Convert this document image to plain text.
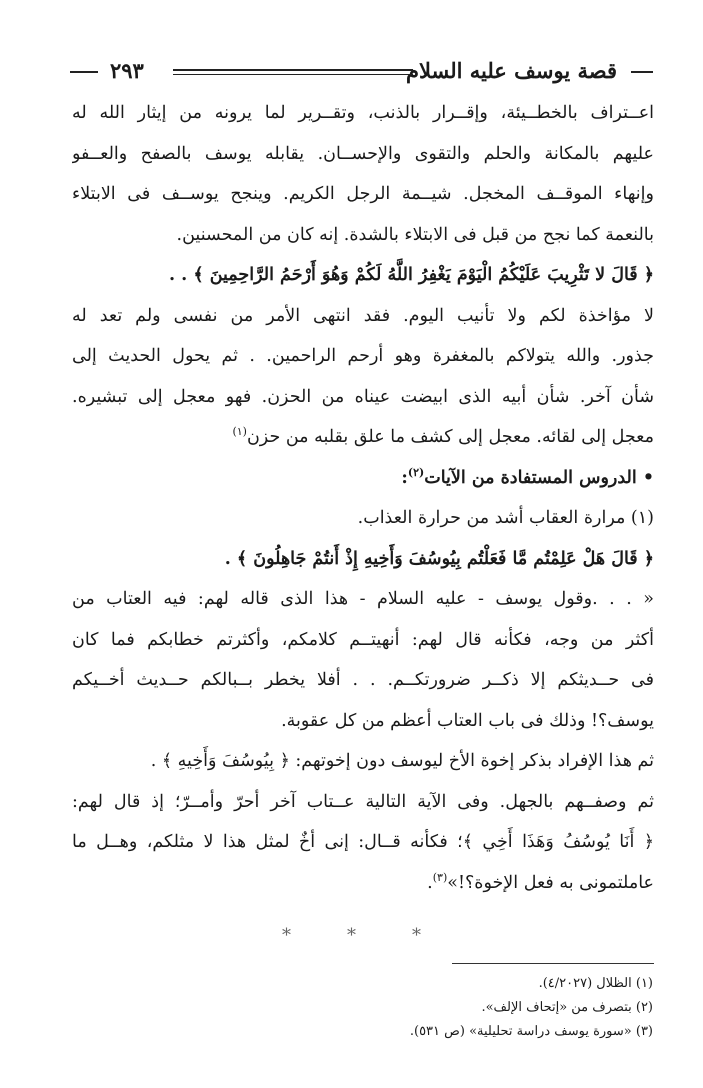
قصة يوسف عليه السلام
٢٩٣
اعــتراف بالخطــيئة، وإقــرار بالذنب، وتقــرير لما يرونه من إيثار الله له
عليهم بالمكانة والحلم والتقوى والإحســان. يقابله يوسف بالصفح والعــفو
وإنهاء الموقــف المخجل. شيــمة الرجل الكريم. وينجح يوســف فى الابتلاء
بالنعمة كما نجح من قبل فى الابتلاء بالشدة. إنه كان من المحسنين.
﴿ قَالَ لا تَثْرِيبَ عَلَيْكُمُ الْيَوْمَ يَغْفِرُ اللَّهُ لَكُمْ وَهُوَ أَرْحَمُ الرَّاحِمِينَ ﴾ . .
لا مؤاخذة لكم ولا تأنيب اليوم. فقد انتهى الأمر من نفسى ولم تعد له
جذور. والله يتولاكم بالمغفرة وهو أرحم الراحمين. . ثم يحول الحديث إلى
شأن آخر. شأن أبيه الذى ابيضت عيناه من الحزن. فهو معجل إلى تبشيره.
معجل إلى لقائه. معجل إلى كشف ما علق بقلبه من حزن$^{(١)}$
• الدروس المستفادة من الآيات$^{(٢)}$:
(١) مرارة العقاب أشد من حرارة العذاب.
﴿ قَالَ هَلْ عَلِمْتُم مَّا فَعَلْتُم بِيُوسُفَ وَأَخِيهِ إِذْ أَنتُمْ جَاهِلُونَ ﴾ .
« . . .وقول يوسف - عليه السلام - هذا الذى قاله لهم: فيه العتاب من
أكثر من وجه، فكأنه قال لهم: أنهيتــم كلامكم، وأكثرتم خطابكم فما كان
فى حــديثكم إلا ذكــر ضرورتكــم. . . أفلا يخطر بــبالكم حــديث أخــيكم
يوسف؟! وذلك فى باب العتاب أعظم من كل عقوبة.
ثم هذا الإفراد بذكر إخوة الأخ ليوسف دون إخوتهم: ﴿ بِيُوسُفَ وَأَخِيهِ ﴾ .
ثم وصفــهم بالجهل. وفى الآية التالية عــتاب آخر أحرّ وأمــرّ؛ إذ قال لهم:
﴿ أَنَا يُوسُفُ وَهَذَا أَخِي ﴾؛ فكأنه قــال: إنى أخٌ لمثل هذا لا مثلكم، وهــل ما
عاملتمونى به فعل الإخوة؟!»$^{(٣)}$.
*	*	*
(١) الظلال (٤/٢٠٢٧).
(٢) بتصرف من «إتحاف الإلف».
(٣) «سورة يوسف دراسة تحليلية» (ص ٥٣١).
